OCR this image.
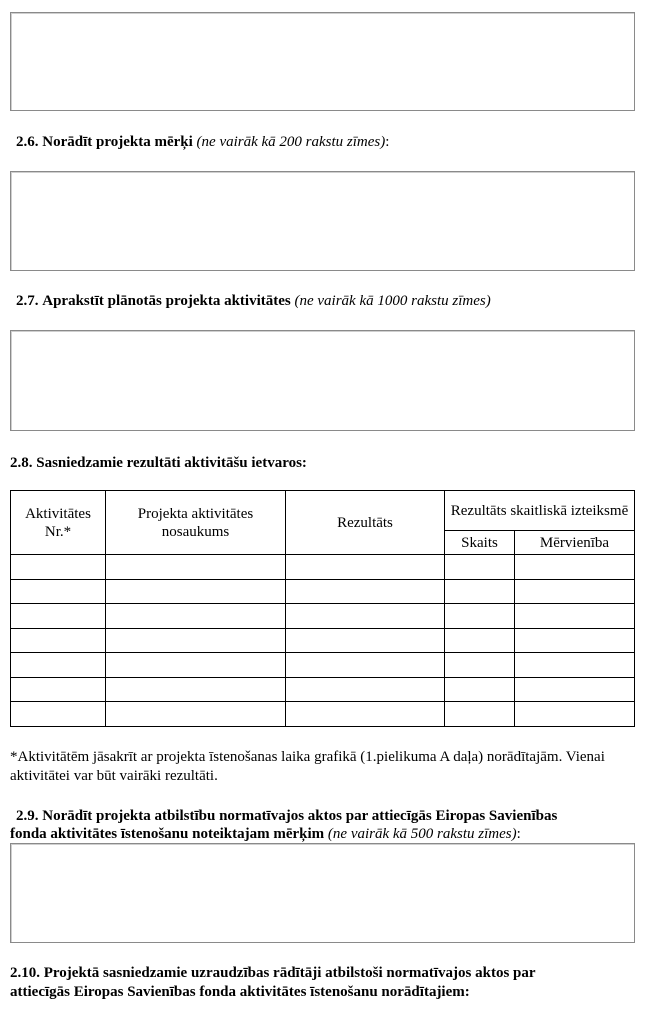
2.6. Norādīt projekta mērķi (ne vairāk kā 200 rakstu zīmes):
2.7. Aprakstīt plānotās projekta aktivitātes (ne vairāk kā 1000 rakstu zīmes)
2.8. Sasniedzamie rezultāti aktivitāšu ietvaros:
Aktivitātes Nr.*	Projekta aktivitātes nosaukums	Rezultāts	Rezultāts skaitliskā izteiksmē	
			Skaits	Mērvienība

*Aktivitātēm jāsakrīt ar projekta īstenošanas laika grafikā (1.pielikuma A daļa) norādītajām. Vienai aktivitātei var būt vairāki rezultāti.
2.9. Norādīt projekta atbilstību normatīvajos aktos par attiecīgās Eiropas Savienības
fonda aktivitātes īstenošanu noteiktajam mērķim (ne vairāk kā 500 rakstu zīmes):
2.10. Projektā sasniedzamie uzraudzības rādītāji atbilstoši normatīvajos aktos par
attiecīgās Eiropas Savienības fonda aktivitātes īstenošanu norādītajiem:
